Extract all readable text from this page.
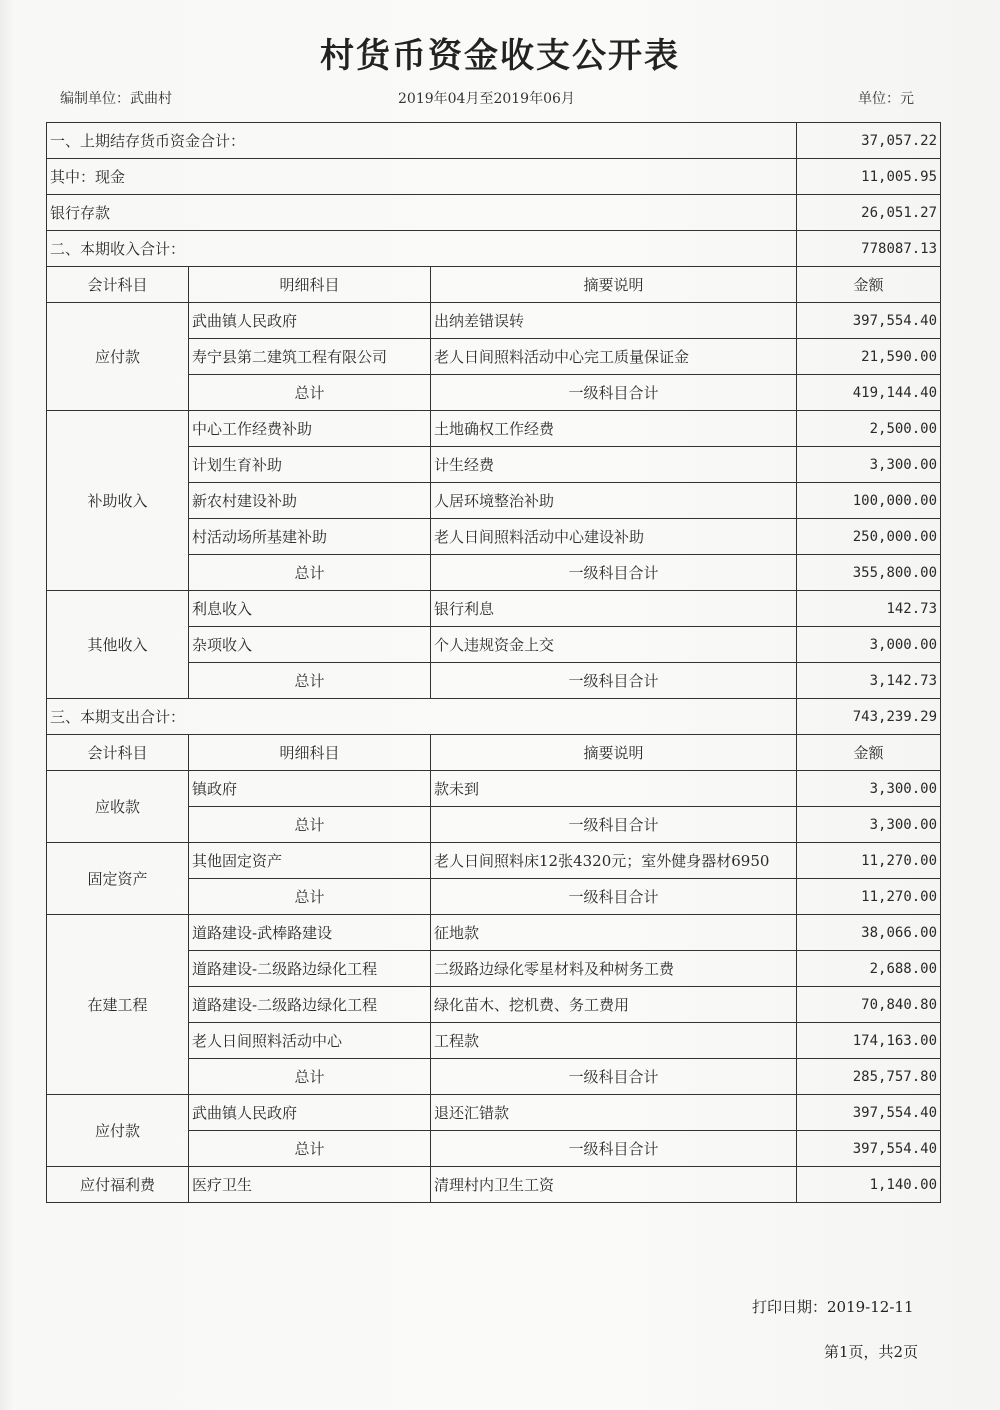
村货币资金收支公开表
编制单位：武曲村	2019年04月至2019年06月	单位：元
一、上期结存货币资金合计：			37,057.22
其中：现金			11,005.95
银行存款			26,051.27
二、本期收入合计：			778087.13
会计科目	明细科目	摘要说明	金额
应付款	武曲镇人民政府	出纳差错误转	397,554.40
	寿宁县第二建筑工程有限公司	老人日间照料活动中心完工质量保证金	21,590.00
	总计	一级科目合计	419,144.40
补助收入	中心工作经费补助	土地确权工作经费	2,500.00
	计划生育补助	计生经费	3,300.00
	新农村建设补助	人居环境整治补助	100,000.00
	村活动场所基建补助	老人日间照料活动中心建设补助	250,000.00
	总计	一级科目合计	355,800.00
其他收入	利息收入	银行利息	142.73
	杂项收入	个人违规资金上交	3,000.00
	总计	一级科目合计	3,142.73
三、本期支出合计：			743,239.29
会计科目	明细科目	摘要说明	金额
应收款	镇政府	款未到	3,300.00
	总计	一级科目合计	3,300.00
固定资产	其他固定资产	老人日间照料床12张4320元；室外健身器材6950	11,270.00
	总计	一级科目合计	11,270.00
在建工程	道路建设-武棒路建设	征地款	38,066.00
	道路建设-二级路边绿化工程	二级路边绿化零星材料及种树务工费	2,688.00
	道路建设-二级路边绿化工程	绿化苗木、挖机费、务工费用	70,840.80
	老人日间照料活动中心	工程款	174,163.00
	总计	一级科目合计	285,757.80
应付款	武曲镇人民政府	退还汇错款	397,554.40
	总计	一级科目合计	397,554.40
应付福利费	医疗卫生	清理村内卫生工资	1,140.00
打印日期：2019-12-11
第1页，共2页
